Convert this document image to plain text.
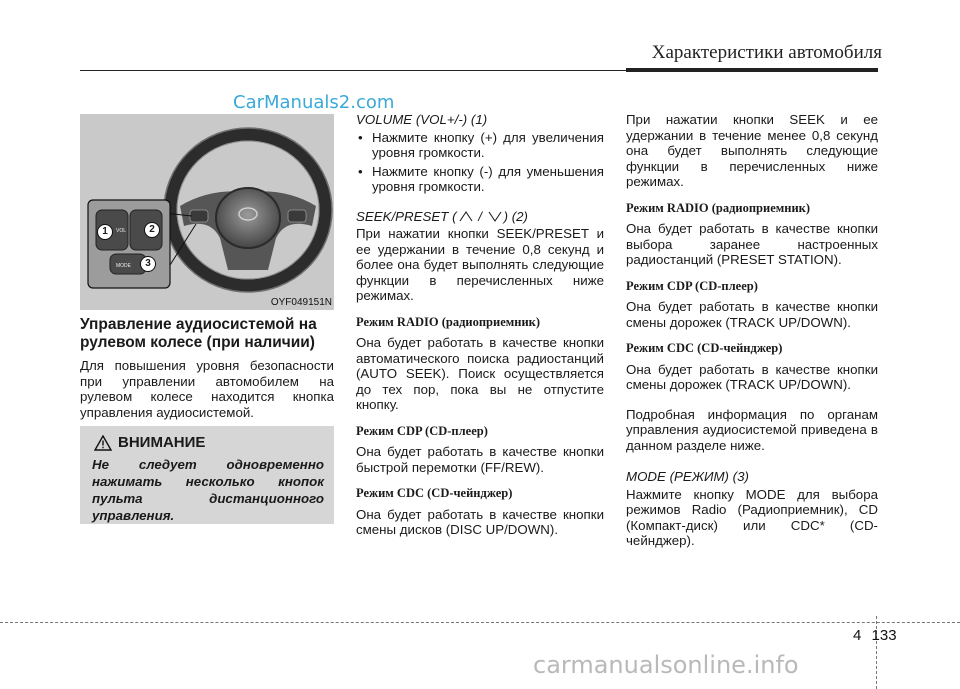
Характеристики автомобиля
CarManuals2.com
VOL
MODE
1	2
3
OYF049151N

Управление аудиосистемой на рулевом колесе (при наличии)

Для повышения уровня безопасности при управлении автомобилем на рулевом колесе находится кнопка управления аудиосистемой.

ВНИМАНИЕ
Не следует одновременно нажимать несколько кнопок пульта дистанционного управления.

VOLUME (VOL+/-) (1)

• Нажмите кнопку (+) для увеличения уровня громкости.
• Нажмите кнопку (-) для уменьшения уровня громкости.

SEEK/PRESET ( / ) (2)

При нажатии кнопки SEEK/PRESET и ее удержании в течение 0,8 секунд и более она будет выполнять следующие функции в перечисленных ниже режимах.

Режим RADIO (радиоприемник)

Она будет работать в качестве кнопки автоматического поиска радиостанций (AUTO SEEK). Поиск осуществляется до тех пор, пока вы не отпустите кнопку.

Режим CDP (CD-плеер)

Она будет работать в качестве кнопки быстрой перемотки (FF/REW).

Режим CDC (CD-чейнджер)

Она будет работать в качестве кнопки смены дисков (DISC UP/DOWN).

При нажатии кнопки SEEK и ее удержании в течение менее 0,8 секунд она будет выполнять следующие функции в перечисленных ниже режимах.

Режим RADIO (радиоприемник)

Она будет работать в качестве кнопки выбора заранее настроенных радиостанций (PRESET STATION).

Режим CDP (CD-плеер)

Она будет работать в качестве кнопки смены дорожек (TRACK UP/DOWN).

Режим CDC (CD-чейнджер)

Она будет работать в качестве кнопки смены дорожек (TRACK UP/DOWN).

Подробная информация по органам управления аудиосистемой приведена в данном разделе ниже.

MODE (РЕЖИМ) (3)

Нажмите кнопку MODE для выбора режимов Radio (Радиоприемник), CD (Компакт-диск) или CDC* (CD-чейнджер).

4 133
carmanualsonline.info
